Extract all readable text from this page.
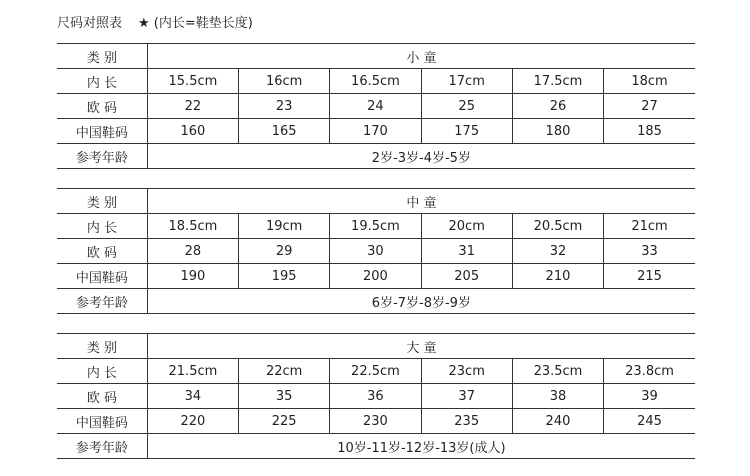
尺码对照表 ★ (内长=鞋垫长度)
类 别	小 童					
内 长	15.5cm	16cm	16.5cm	17cm	17.5cm	18cm
欧 码	22	23	24	25	26	27
中国鞋码	160	165	170	175	180	185
参考年龄	2岁-3岁-4岁-5岁					
类 别	中 童					
内 长	18.5cm	19cm	19.5cm	20cm	20.5cm	21cm
欧 码	28	29	30	31	32	33
中国鞋码	190	195	200	205	210	215
参考年龄	6岁-7岁-8岁-9岁					
类 别	大 童					
内 长	21.5cm	22cm	22.5cm	23cm	23.5cm	23.8cm
欧 码	34	35	36	37	38	39
中国鞋码	220	225	230	235	240	245
参考年龄	10岁-11岁-12岁-13岁(成人)					
